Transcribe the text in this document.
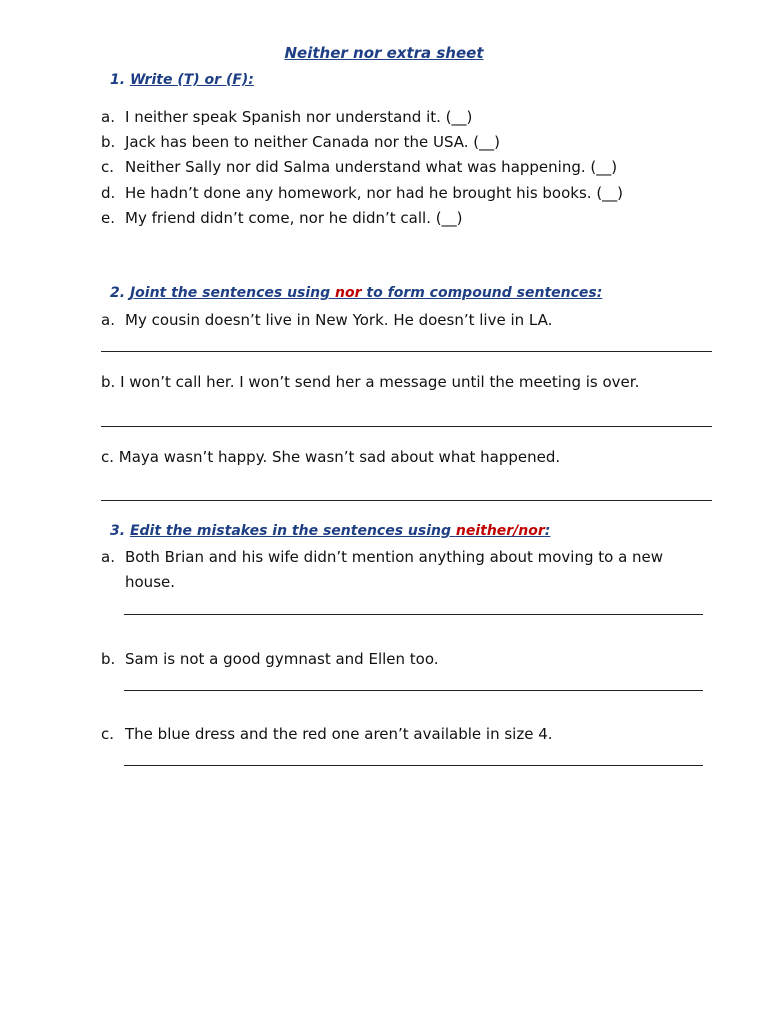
Neither nor extra sheet
1. Write (T) or (F):
a. I neither speak Spanish nor understand it. (__)
b. Jack has been to neither Canada nor the USA. (__)
c. Neither Sally nor did Salma understand what was happening. (__)
d. He hadn’t done any homework, nor had he brought his books. (__)
e. My friend didn’t come, nor he didn’t call. (__)
2. Joint the sentences using nor to form compound sentences:
a. My cousin doesn’t live in New York. He doesn’t live in LA.
b. I won’t call her. I won’t send her a message until the meeting is over.
c. Maya wasn’t happy. She wasn’t sad about what happened.
3. Edit the mistakes in the sentences using neither/nor:
a. Both Brian and his wife didn’t mention anything about moving to a new
house.
b. Sam is not a good gymnast and Ellen too.
c. The blue dress and the red one aren’t available in size 4.
